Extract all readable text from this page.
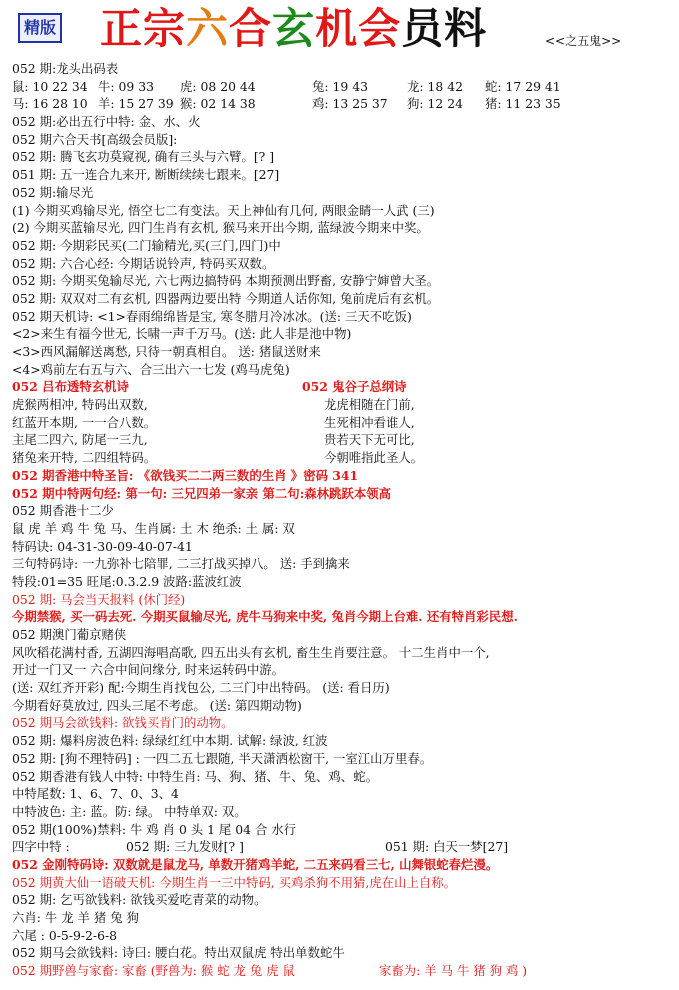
精版 正宗六合玄机会员料	<<之五鬼>>
052 期:龙头出码表
鼠: 10 22 34 牛: 09 33 虎: 08 20 44	兔: 19 43	龙: 18 42 蛇: 17 29 41
马: 16 28 10 羊: 15 27 39 猴: 02 14 38	鸡: 13 25 37 狗: 12 24 猪: 11 23 35
052 期:必出五行中特: 金、水、火
052 期六合天书[高级会员版]:
052 期: 腾飞玄功莫窥视, 确有三头与六臂。[? ]
051 期: 五一连合九来开, 断断续续七跟来。[27]
052 期:输尽光
(1) 今期买鸡输尽光, 悟空七二有变法。天上神仙有几何, 两眼金睛一人武 (三)
(2) 今期买蓝输尽光, 四门生肖有玄机, 猴马来开出今期, 蓝绿波今期来中奖。
052 期: 今期彩民买(二门输精光,买(三门,四门)中
052 期: 六合心经: 今期话说铃声, 特码买双数。
052 期: 今期买兔输尽光, 六七两边搞特码 本期预测出野畜, 安静宁婶曾大圣。
052 期: 双双对二有玄机, 四器两边要出特 今期道人话你知, 兔前虎后有玄机。
052 期天机诗: <1>春雨绵绵皆是宝, 寒冬腊月冷冰冰。(送: 三天不吃饭)
<2>来生有福今世无, 长啸一声千万马。(送: 此人非是池中物)
<3>西风漏解送离愁, 只待一朝真相自。 送: 猪鼠送财来
<4>鸡前左右五与六、合三出六一七发 (鸡马虎兔)
052 吕布透特玄机诗	052 鬼谷子总纲诗
虎猴两相冲, 特码出双数,	龙虎相随在门前,
红蓝开本期, 一一合八数。	生死相冲看谁人,
主尾二四六, 防尾一三九,	贵若天下无可比,
猪兔来开特, 二四组特码。	今朝唯指此圣人。
052 期香港中特圣旨: 《欲钱买二二两三数的生肖 》密码 341
052 期中特两句经: 第一句: 三兄四弟一家亲 第二句:森林跳跃本领高
052 期香港十二少
鼠 虎 羊 鸡 牛 兔 马、生肖属: 土 木 绝杀: 土 属: 双
特码诀: 04-31-30-09-40-07-41
三句特码诗: 一九弥补七陪罪, 二三打战买掉八。 送: 手到擒来
特段:01=35 旺尾:0.3.2.9 波路:蓝波红波
052 期: 马会当天报料 (休门经)
今期禁猴, 买一码去死. 今期买鼠输尽光, 虎牛马狗来中奖, 兔肖今期上台难. 还有特肖彩民想.
052 期澳门葡京赌侠
风吹稻花满村香, 五湖四海唱高歌, 四五出头有玄机, 畜生生肖要注意。 十二生肖中一个,
开过一门又一 六合中间问缘分, 时来运转码中游。
(送: 双红齐开彩) 配:今期生肖找包公, 二三门中出特码。 (送: 看日历)
今期看好莫放过, 四头三尾不考虑。 (送: 第四期动物)
052 期马会欲钱料: 欲钱买肯门的动物。
052 期: 爆料房波色料: 绿绿红红中本期. 试解: 绿波, 红波
052 期: [狗不理特码] : 一四二五七跟随, 半天潇洒松窗干, 一室江山万里春。
052 期香港有钱人中特: 中特生肖: 马、狗、猪、牛、兔、鸡、蛇。
中特尾数: 1、6、7、0、3、4
中特波色: 主: 蓝。防: 绿。 中特单双: 双。
052 期(100%)禁料: 牛 鸡 肖 0 头 1 尾 04 合 水行
四字中特 :	052 期: 三九发财[? ]	051 期: 白天一梦[27]
052 金刚特码诗: 双数就是鼠龙马, 单数开猪鸡羊蛇, 二五来码看三七, 山舞银蛇春烂漫。
052 期黄大仙一语破天机: 今期生肖一三中特码, 买鸡杀狗不用猜,虎在山上自称。
052 期: 乞丐欲钱料: 欲钱买爱吃青菜的动物。
六肖: 牛 龙 羊 猪 兔 狗
六尾 : 0-5-9-2-6-8
052 期马会欲钱料: 诗曰: 腰白花。特出双鼠虎 特出单数蛇牛
052 期野兽与家畜: 家畜 (野兽为: 猴 蛇 龙 兔 虎 鼠	家畜为: 羊 马 牛 猪 狗 鸡 )
